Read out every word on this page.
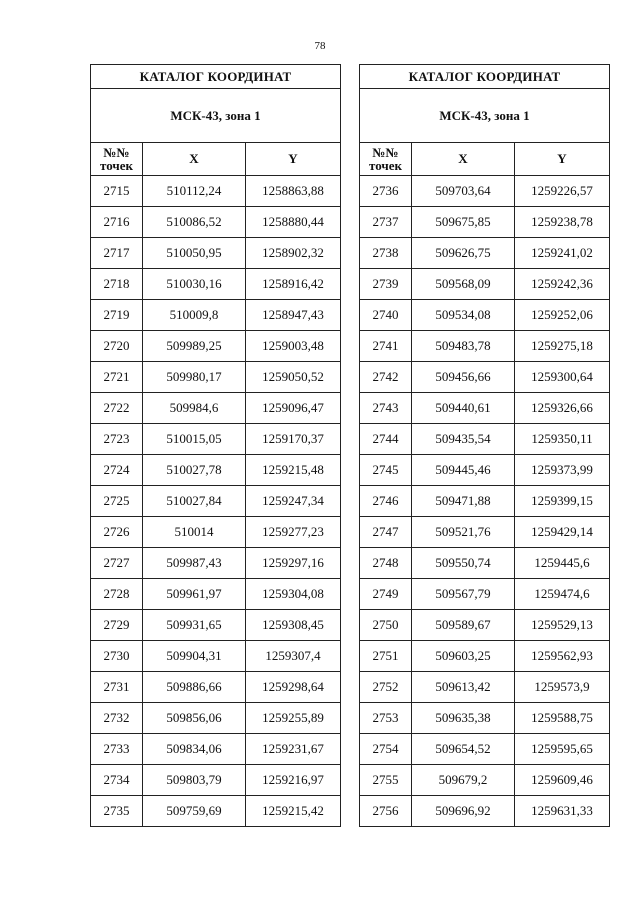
78
КАТАЛОГ КООРДИНАТ		
МСК-43, зона 1		
№№
точек	X	Y
2715	510112,24	1258863,88
2716	510086,52	1258880,44
2717	510050,95	1258902,32
2718	510030,16	1258916,42
2719	510009,8	1258947,43
2720	509989,25	1259003,48
2721	509980,17	1259050,52
2722	509984,6	1259096,47
2723	510015,05	1259170,37
2724	510027,78	1259215,48
2725	510027,84	1259247,34
2726	510014	1259277,23
2727	509987,43	1259297,16
2728	509961,97	1259304,08
2729	509931,65	1259308,45
2730	509904,31	1259307,4
2731	509886,66	1259298,64
2732	509856,06	1259255,89
2733	509834,06	1259231,67
2734	509803,79	1259216,97
2735	509759,69	1259215,42
КАТАЛОГ КООРДИНАТ		
МСК-43, зона 1		
№№
точек	X	Y
2736	509703,64	1259226,57
2737	509675,85	1259238,78
2738	509626,75	1259241,02
2739	509568,09	1259242,36
2740	509534,08	1259252,06
2741	509483,78	1259275,18
2742	509456,66	1259300,64
2743	509440,61	1259326,66
2744	509435,54	1259350,11
2745	509445,46	1259373,99
2746	509471,88	1259399,15
2747	509521,76	1259429,14
2748	509550,74	1259445,6
2749	509567,79	1259474,6
2750	509589,67	1259529,13
2751	509603,25	1259562,93
2752	509613,42	1259573,9
2753	509635,38	1259588,75
2754	509654,52	1259595,65
2755	509679,2	1259609,46
2756	509696,92	1259631,33
